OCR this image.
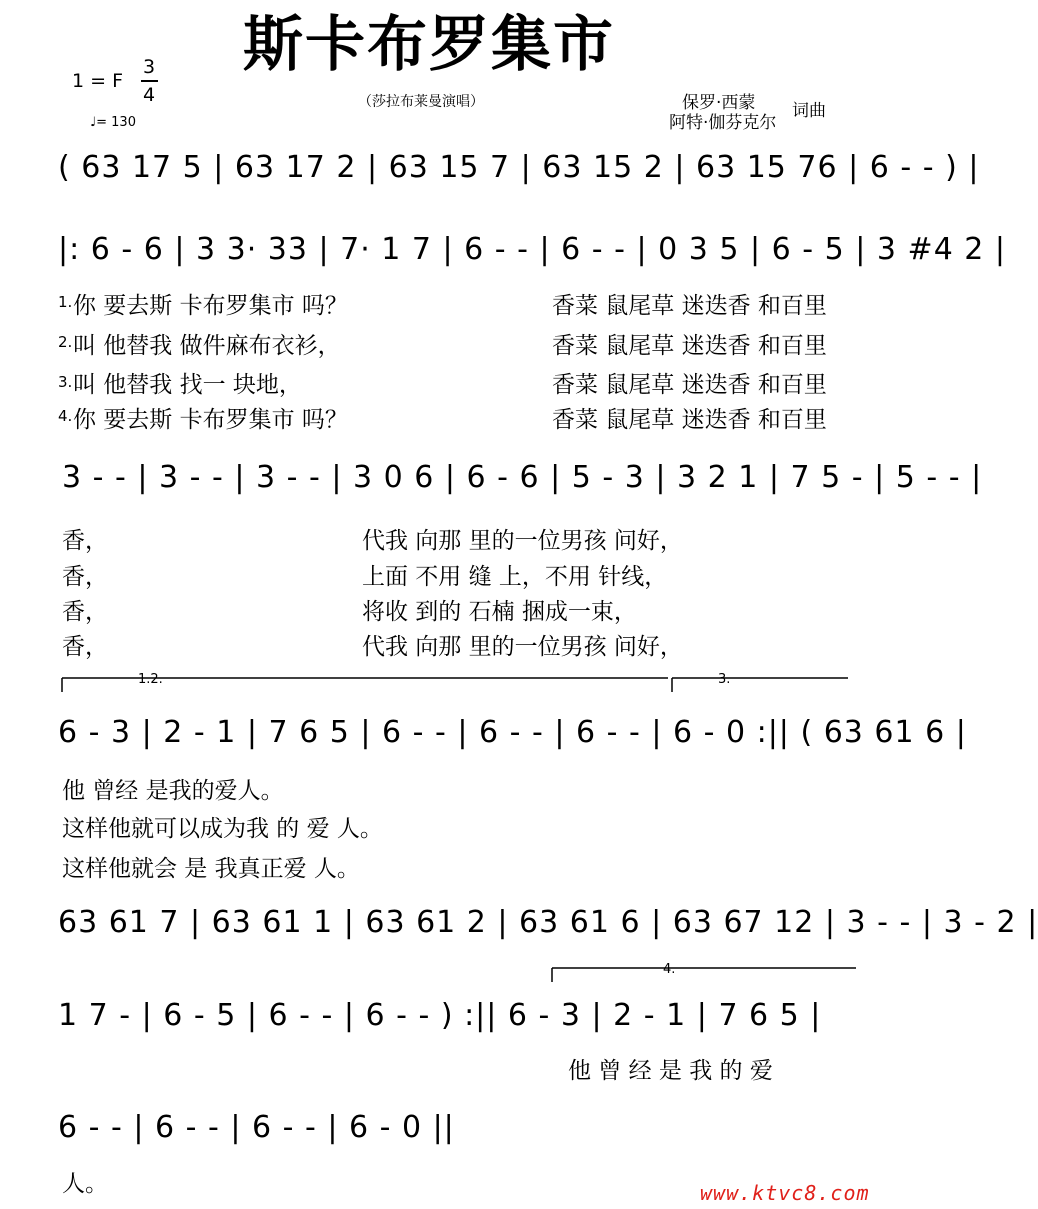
斯卡布罗集市
（莎拉布莱曼演唱）
1 = F
3
4
♩= 130
保罗·西蒙
阿特·伽芬克尔
词曲
( 63 17 5 | 63 17 2 | 63 15 7 | 63 15 2 | 63 15 76 | 6 - - ) |
|: 6 - 6 | 3 3· 33 | 7· 1 7 | 6 - - | 6 - - | 0 3 5 | 6 - 5 | 3 #4 2 |
1. 你 要去斯 卡布罗集市 吗？	香菜 鼠尾草 迷迭香 和百里
2. 叫 他替我 做件麻布衣衫，	香菜 鼠尾草 迷迭香 和百里
3. 叫 他替我 找一 块地，	香菜 鼠尾草 迷迭香 和百里
4. 你 要去斯 卡布罗集市 吗？	香菜 鼠尾草 迷迭香 和百里
3 - - | 3 - - | 3 - - | 3 0 6 | 6 - 6 | 5 - 3 | 3 2 1 | 7 5 - | 5 - - |
香，	代我 向那 里的一位男孩 问好，
香，	上面 不用 缝 上，不用 针线，
香，	将收 到的 石楠 捆成一束，
香，	代我 向那 里的一位男孩 问好，
1.2.	3.
6 - 3 | 2 - 1 | 7 6 5 | 6 - - | 6 - - | 6 - - | 6 - 0 :|| ( 63 61 6 |
他 曾经 是我的爱人。
这样他就可以成为我 的 爱 人。
这样他就会 是 我真正爱 人。
63 61 7 | 63 61 1 | 63 61 2 | 63 61 6 | 63 67 12 | 3 - - | 3 - 2 |
4.
1 7 - | 6 - 5 | 6 - - | 6 - - ) :|| 6 - 3 | 2 - 1 | 7 6 5 |
他 曾 经 是 我 的 爱
6 - - | 6 - - | 6 - - | 6 - 0 ||
人。	www.ktvc8.com
